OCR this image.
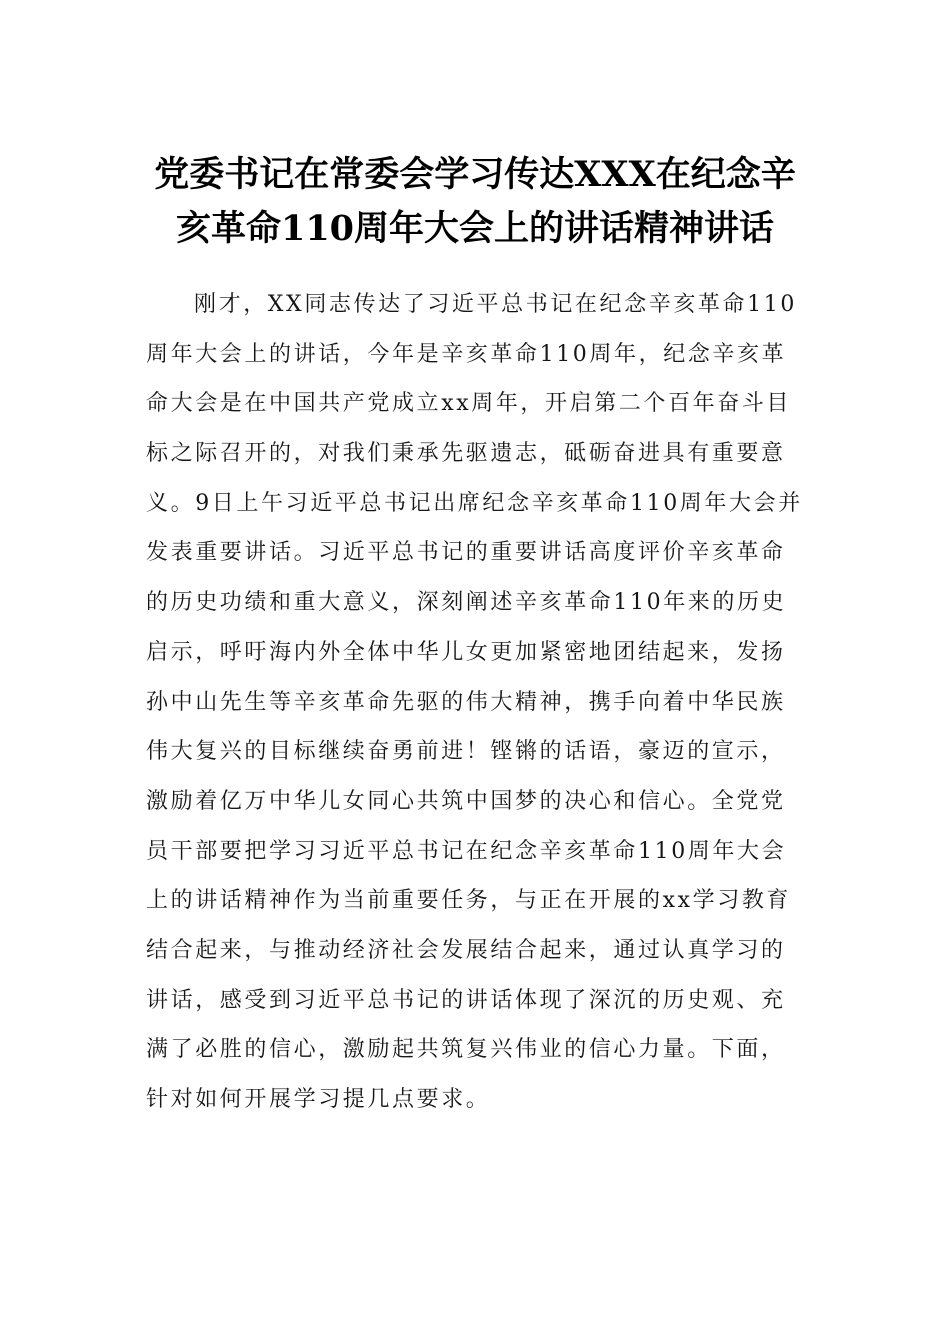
党委书记在常委会学习传达XXX在纪念辛
亥革命110周年大会上的讲话精神讲话
刚才，XX同志传达了习近平总书记在纪念辛亥革命110
周年大会上的讲话，今年是辛亥革命110周年，纪念辛亥革
命大会是在中国共产党成立xx周年，开启第二个百年奋斗目
标之际召开的，对我们秉承先驱遗志，砥砺奋进具有重要意
义。9日上午习近平总书记出席纪念辛亥革命110周年大会并
发表重要讲话。习近平总书记的重要讲话高度评价辛亥革命
的历史功绩和重大意义，深刻阐述辛亥革命110年来的历史
启示，呼吁海内外全体中华儿女更加紧密地团结起来，发扬
孙中山先生等辛亥革命先驱的伟大精神，携手向着中华民族
伟大复兴的目标继续奋勇前进！铿锵的话语，豪迈的宣示，
激励着亿万中华儿女同心共筑中国梦的决心和信心。全党党
员干部要把学习习近平总书记在纪念辛亥革命110周年大会
上的讲话精神作为当前重要任务，与正在开展的xx学习教育
结合起来，与推动经济社会发展结合起来，通过认真学习的
讲话，感受到习近平总书记的讲话体现了深沉的历史观、充
满了必胜的信心，激励起共筑复兴伟业的信心力量。下面，
针对如何开展学习提几点要求。
